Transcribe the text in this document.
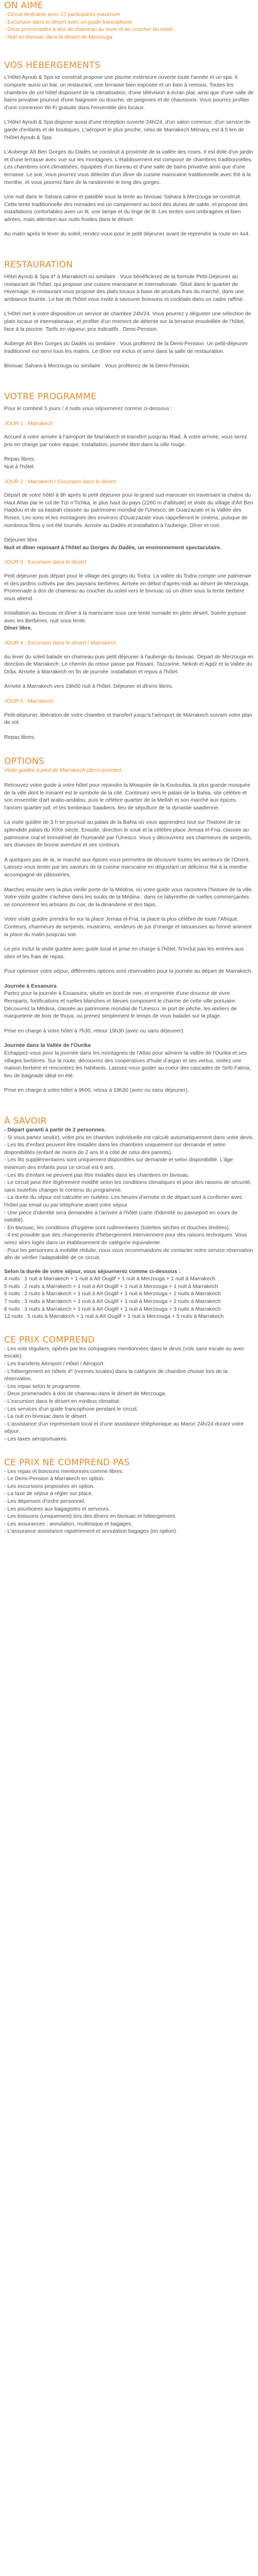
ON AIME

- Circuit itinérante avec 17 participants maximum

- Excursion dans le désert avec un guide francophone

- Deux promenades à dos de chameau au lever et au coucher du soleil

- Nuit en bivouac dans le désert de Merzouga.

VOS HÉBERGEMENTS

L'Hôtel Ayoub & Spa se construit propose une piscine extérieure ouverte toute l'année et un spa. Il comporte aussi un bar, un restaurant, une terrasse bien exposée et un bain à remous. Toutes les chambres de cet hôtel disposent de la climatisation, d'une télévision à écran plat, ainsi que d'une salle de bains privative pourvue d'une baignoire ou douche, de peignoirs et de chaussons. Vous pourrez profiter d'une connexion Wi-Fi gratuite dans l'ensemble des locaux.

L'Hôtel Ayoub & Spa dispose aussi d'une réception ouverte 24h/24, d'un salon commun, d'un service de garde d'enfants et de boutiques. L'aéroport le plus proche, celui de Marrakech Ménara, est à 5 km de l'Hôtel Ayoub & Spa.

L'Auberge Aït Ben Gorges du Dadès se construit à proximité de la vallée des roses. Il est doté d'un jardin et d'une terrasse avec vue sur les montagnes. L'établissement est composé de chambres traditionnelles. Les chambres sont climatisées, équipées d'un bureau et d'une salle de bains privative ainsi que d'une terrasse. Le soir, vous pourrez vous délecter d'un dîner de cuisine marocaine traditionnelle avec thé à la menthe, et vous pourrez faire de la randonnée le long des gorges.

Une nuit dans le Sahara calme et paisible sous la tente au bivouac Sahara à Merzouga se construit. Cette tente traditionnelle des nomades est un campement au bord des dunes de sable, et propose des installations confortables avec un lit, une lampe et du linge de lit. Les tentes sont ombragées et bien aérées, mais attention aux nuits froides dans le désert.

Au matin après le lever du soleil, rendez-vous pour le petit déjeuner avant de reprendre la route en 4x4.

RESTAURATION

Hôtel Ayoub & Spa 4* à Marrakech ou similaire : Vous bénéficierez de la formule Petit-Déjeuner au restaurant de l'hôtel, qui propose une cuisine marocaine et internationale. Situé dans le quartier de Hivernage, le restaurant vous propose des plats locaux à base de produits frais du marché, dans une ambiance feutrée. Le bar de l'hôtel vous invite à savourer boissons et cocktails dans un cadre raffiné.

L'Hôtel met à votre disposition un service de chambre 24h/24. Vous pourrez y déguster une sélection de plats locaux et internationaux, et profiter d'un moment de détente sur la terrasse ensoleillée de l'hôtel, face à la piscine. Tarifs en vigueur, prix indicatifs : Demi-Pension.

Auberge Aït Ben Gorges du Dadès ou similaire : Vous profiterez de la Demi-Pension. Un petit-déjeuner traditionnel est servi tous les matins. Le dîner est inclus et servi dans la salle de restauration.

Bivouac Sahara à Merzouga ou similaire : Vous profiterez de la Demi-Pension.

VOTRE PROGRAMME

Pour le combiné 5 jours / 4 nuits vous séjournerez comme ci-dessous :

JOUR 1 : Marrakech

Accueil à votre arrivée à l'aéroport de Marrakech et transfert jusqu'au Riad. À votre arrivée, vous serez pris en charge par notre équipe. Installation, journée libre dans la ville rouge.

Repas libres.

Nuit à l'hôtel.

JOUR 2 : Marrakech / Excursion dans le désert

Départ de votre hôtel à 8h après le petit déjeuner pour le grand sud marocain en traversant la chaîne du Haut Atlas par le col de Tizi n'Tichka, le plus haut du pays (2260 m d'altitude) et visite du village d'Aït Ben Haddou et de sa kasbah classée au patrimoine mondial de l'Unesco, de Ouarzazate et la Vallée des Roses. Les sons et les montagnes des environs d'Ouarzazate vous rappelleront le cinéma, puisque de nombreux films y ont été tournés. Arrivée au Dadès et installation à l'auberge. Dîner et nuit.

Déjeuner libre.

Nuit et dîner reposant à l'hôtel au Gorges du Dadès, un environnement spectaculaire.

JOUR 3 : Excursion dans le désert

Petit déjeuner puis départ pour le village des gorges du Todra. La vallée du Todra compte une palmeraie et des jardins cultivés par des paysans berbères. Arrivée en début d'après-midi au désert de Merzouga. Promenade à dos de chameau au coucher du soleil vers le bivouac où un dîner sous la tente berbère vous attend.

Installation au bivouac et dîner à la marocaine sous une tente nomade en plein désert. Soirée joyeuse avec les Berbères, nuit sous tente.

Dîner libre.

JOUR 4 : Excursion dans le désert / Marrakech

Au lever du soleil balade en chameau puis petit déjeuner à l'auberge du bivouac. Départ de Merzouga en direction de Marrakech. Le chemin du retour passe par Rissani, Tazzarine, Nekob et Agdz et la Vallée du Drâa. Arrivée à Marrakech en fin de journée. Installation et repos à l'hôtel.

Arrivée à Marrakech vers 19h00 nuit à l'hôtel. Déjeuner et dîners libres.

JOUR 5 : Marrakech

Petit-déjeuner, libération de votre chambre et transfert jusqu'à l'aéroport de Marrakech suivant votre plan de vol.

Repas libres.

OPTIONS

Visite guidée à pied de Marrakech (demi-journée)

Retrouvez votre guide à votre hôtel pour rejoindre la Mosquée de la Koutoubia, la plus grande mosquée de la ville dont le minaret est le symbole de la cité. Continuez vers le palais de la Bahia, site célèbre et son ensemble d'art arabo-andalou, puis le célèbre quartier de la Mellah et son marché aux épices, l'ancien quartier juif, et les tombeaux Saadiens, lieu de sépulture de la dynastie saadienne.

La visite guidée de 3 h se poursuit au palais de la Bahia où vous apprendrez tout sur l'histoire de ce splendide palais du XIXe siècle. Ensuite, direction le souk et la célèbre place Jemaa el-Fna, classée au patrimoine oral et immatériel de l'humanité par l'Unesco. Vous y découvrirez ses charmeurs de serpents, ses diseuses de bonne aventure et ses conteurs.

À quelques pas de là, le marché aux épices vous permettra de découvrir toutes les senteurs de l'Orient. Laissez-vous tenter par les saveurs de la cuisine marocaine en dégustant un délicieux thé à la menthe accompagné de pâtisseries.

Marchez ensuite vers la plus vieille porte de la Médina, où votre guide vous racontera l'histoire de la ville. Votre visite guidée s'achève dans les souks de la Médina : dans ce labyrinthe de ruelles commerçantes se concentrent les artisans du cuir, de la dinanderie et des tapis.

Votre visite guidée prendra fin sur la place Jemaa el-Fna, la place la plus célèbre de toute l'Afrique. Conteurs, charmeurs de serpents, musiciens, vendeurs de jus d'orange et tatoueuses au henné animent la place du matin jusqu'au soir.

Le prix inclut la visite guidée avec guide local et prise en charge à l'hôtel. N'inclut pas les entrées aux sites et les frais de repas.

Pour optimiser votre séjour, différentes options sont réservables pour la journée au départ de Marrakech.

Journée à Essaouira

Partez pour la journée à Essaouira, située en bord de mer, et empreinte d'une douceur de vivre. Remparts, fortifications et ruelles blanches et bleues composent le charme de cette ville portuaire. Découvrez la Médina, classée au patrimoine mondial de l'Unesco, le port de pêche, les ateliers de marqueterie de bois de thuya, ou prenez simplement le temps de vous balader sur la plage.

Prise en charge à votre hôtel à 7h30, retour 19h30 (avec ou sans déjeuner).

Journée dans la Vallée de l'Ourika

Échappez-vous pour la journée dans les montagnes de l'Atlas pour admirer la vallée de l'Ourika et ses villages berbères. Sur la route, découvrez des coopératives d'huile d'argan et ses vertus, visitez une maison berbère et rencontrez les habitants. Laissez-vous guider au coeur des cascades de Setti Fatma, lieu de baignade idéal en été.

Prise en charge à votre hôtel à 9h00, retour à 19h30 (avec ou sans déjeuner).

À SAVOIR

- Départ garanti à partir de 2 personnes.

- Si vous partez seul(e), votre prix en chambre individuelle est calculé automatiquement dans votre devis.

- Les lits d'enfant peuvent être installés dans les chambres uniquement sur demande et selon disponibilités (enfant de moins de 2 ans lit à côté de celui des parents).

- Les lits supplémentaires sont uniquement disponibles sur demande et selon disponibilité. L'âge minimum des enfants pour ce circuit est 6 ans.

- Les lits d'enfant ne peuvent pas être installés dans les chambres en bivouac.

- Le circuit peut être légèrement modifié selon les conditions climatiques et pour des raisons de sécurité, sans toutefois changer le contenu du programme.

- La durée du séjour est calculée en nuitées. Les heures d'arrivée et de départ sont à confirmer avec l'hôtel par email ou par téléphone avant votre séjour.

- Une pièce d'identité sera demandée à l'arrivée à l'hôtel (carte d'identité ou passeport en cours de validité).

- En bivouac, les conditions d'hygiène sont rudimentaires (toilettes sèches et douches limitées).

- Il est possible que des changements d'hébergement interviennent pour des raisons techniques. Vous serez alors logés dans un établissement de catégorie équivalente.

- Pour les personnes à mobilité réduite, nous vous recommandons de contacter notre service réservation afin de vérifier l'adaptabilité de ce circuit.

Selon la durée de votre séjour, vous séjournerez comme ci-dessous :

4 nuits : 1 nuit à Marrakech + 1 nuit à Aït Ouglif + 1 nuit à Merzouga + 1 nuit à Marrakech

5 nuits : 2 nuits à Marrakech + 1 nuit à Aït Ouglif + 1 nuit à Merzouga + 1 nuit à Marrakech

6 nuits : 2 nuits à Marrakech + 1 nuit à Aït Ouglif + 1 nuit à Merzouga + 2 nuits à Marrakech

7 nuits : 3 nuits à Marrakech + 1 nuit à Aït Ouglif + 1 nuit à Merzouga + 2 nuits à Marrakech

8 nuits : 3 nuits à Marrakech + 1 nuit à Aït Ouglif + 1 nuit à Merzouga + 3 nuits à Marrakech

12 nuits : 5 nuits à Marrakech + 1 nuit à Aït Ouglif + 1 nuit à Merzouga + 5 nuits à Marrakech

CE PRIX COMPREND

- Les vols réguliers, opérés par les compagnies mentionnées dans le devis (vols sans escale ou avec escale).

- Les transferts Aéroport / Hôtel / Aéroport.

- L'hébergement en hôtels 4* (normes locales) dans la catégorie de chambre choisie lors de la réservation.

- Les repas selon le programme.

- Deux promenades à dos de chameau dans le désert de Merzouga.

- L'excursion dans le désert en minibus climatisé.

- Les services d'un guide francophone pendant le circuit.

- La nuit en bivouac dans le désert.

- L'assistance d'un représentant local et d'une assistance téléphonique au Maroc 24h/24 durant votre séjour.

- Les taxes aéroportuaires.

CE PRIX NE COMPREND PAS

- Les repas et boissons mentionnés comme libres.

- Le Demi-Pension à Marrakech en option.

- Les excursions proposées en option.

- La taxe de séjour à régler sur place.

- Les dépenses d'ordre personnel.

- Les pourboires aux bagagistes et serveurs.

- Les boissons (uniquement) lors des dîners en bivouac et hébergement.

- Les assurances : annulation, multirisque et bagages.

- L'assurance assistance rapatriement et annulation bagages (en option).
